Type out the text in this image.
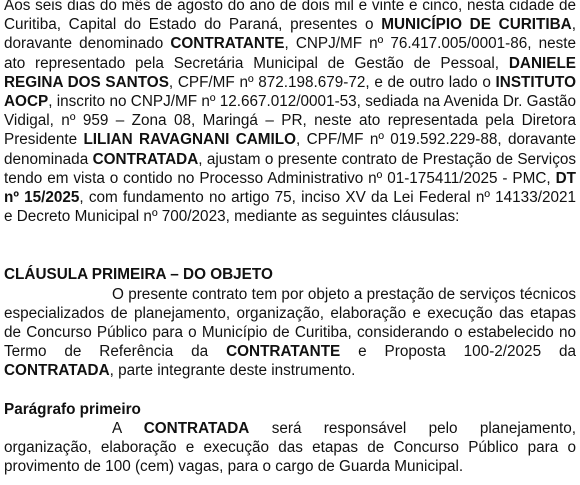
Aos seis dias do mês de agosto do ano de dois mil e vinte e cinco, nesta cidade de Curitiba, Capital do Estado do Paraná, presentes o MUNICÍPIO DE CURITIBA, doravante denominado CONTRATANTE, CNPJ/MF nº 76.417.005/0001-86, neste ato representado pela Secretária Municipal de Gestão de Pessoal, DANIELE REGINA DOS SANTOS, CPF/MF nº 872.198.679-72, e de outro lado o INSTITUTO AOCP, inscrito no CNPJ/MF nº 12.667.012/0001-53, sediada na Avenida Dr. Gastão Vidigal, nº 959 – Zona 08, Maringá – PR, neste ato representada pela Diretora Presidente LILIAN RAVAGNANI CAMILO, CPF/MF nº 019.592.229-88, doravante denominada CONTRATADA, ajustam o presente contrato de Prestação de Serviços tendo em vista o contido no Processo Administrativo nº 01-175411/2025 - PMC, DT nº 15/2025, com fundamento no artigo 75, inciso XV da Lei Federal nº 14133/2021 e Decreto Municipal nº 700/2023, mediante as seguintes cláusulas:

CLÁUSULA PRIMEIRA – DO OBJETO

O presente contrato tem por objeto a prestação de serviços técnicos especializados de planejamento, organização, elaboração e execução das etapas de Concurso Público para o Município de Curitiba, considerando o estabelecido no Termo de Referência da CONTRATANTE e Proposta 100-2/2025 da CONTRATADA, parte integrante deste instrumento.

Parágrafo primeiro

A CONTRATADA será responsável pelo planejamento, organização, elaboração e execução das etapas de Concurso Público para o provimento de 100 (cem) vagas, para o cargo de Guarda Municipal.
